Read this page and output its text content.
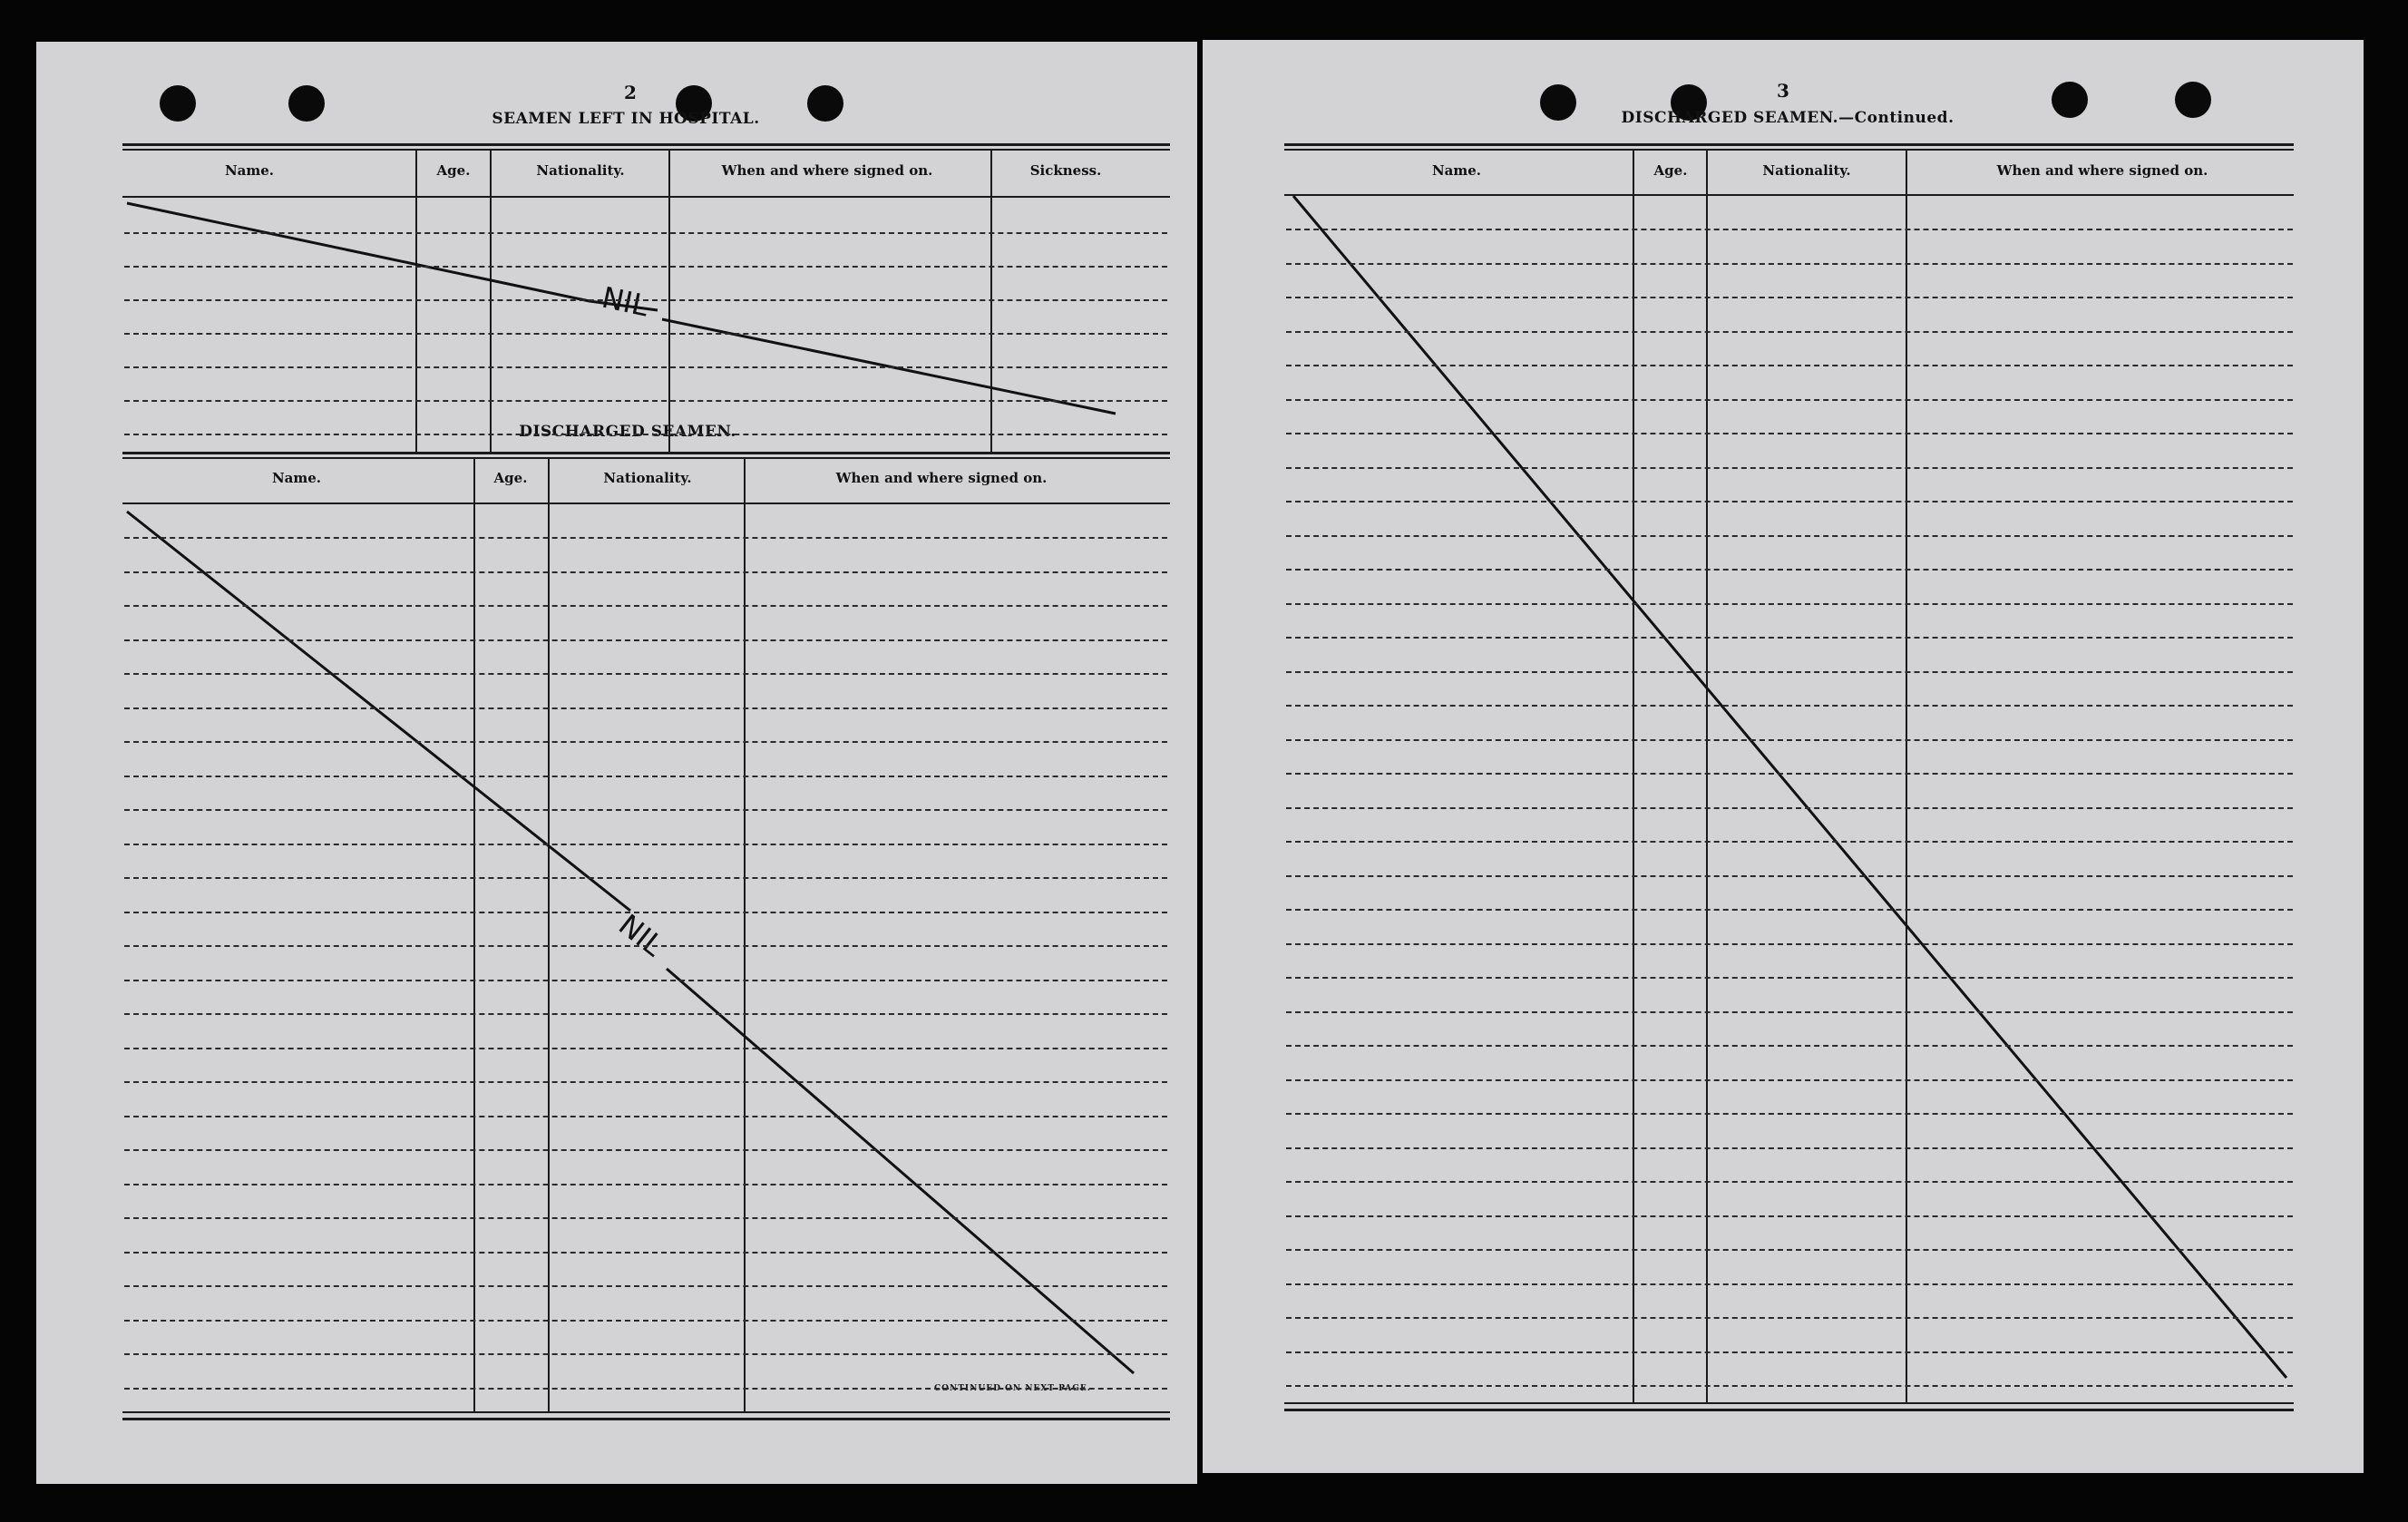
2
SEAMEN LEFT IN HOSPITAL.
Name.	Age.	Nationality.	When and where signed on.	Sickness.
DISCHARGED SEAMEN.
Name.	Age.	Nationality.	When and where signed on.
CONTINUED ON NEXT PAGE.
NIL
NIL
3
DISCHARGED SEAMEN.—Continued.
Name.	Age.	Nationality.	When and where signed on.
